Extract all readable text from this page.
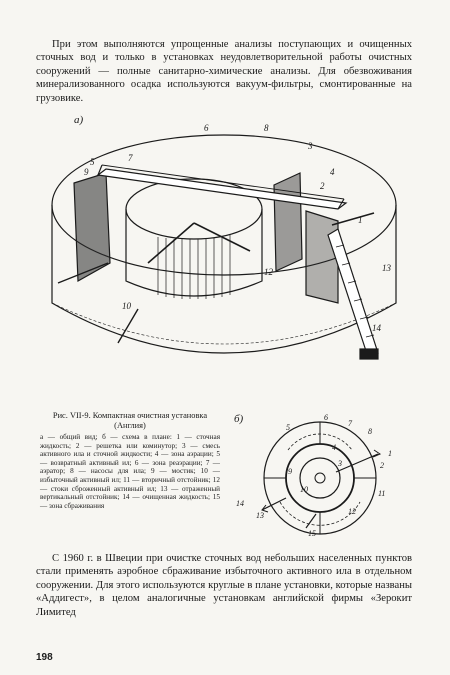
При этом выполняются упрощенные анализы поступающих и очищенных сточных вод и только в установках неудовлетворительной работы очистных сооружений — полные санитарно-химические анализы. Для обезвоживания минерализованного осадка используются вакуум-фильтры, смонтированные на грузовике.

а)
5
6
7
8
9
10
1
2
3
4
12	13
14

Рис. VII-9. Компактная очистная установка (Англия)

а — общий вид; б — схема в плане: 1 — сточная жидкость; 2 — решетка или коминутор; 3 — смесь активного ила и сточной жидкости; 4 — зона аэрации; 5 — возвратный активный ил; 6 — зона реаэрации; 7 — аэратор; 8 — насосы для ила; 9 — мостик; 10 — избыточный активный ил; 11 — вторичный отстойник; 12 — стоки сброженный активный ил; 13 — отраженный вертикальный отстойник; 14 — очищенная жидкость; 15 — зона сбраживания

б)
1
2
3
4
5
6
7
8
9
10	11
12
13
14
15

С 1960 г. в Швеции при очистке сточных вод небольших населенных пунктов стали применять аэробное сбраживание избыточного активного ила в отдельном сооружении. Для этого используются круглые в плане установки, которые названы «Аддигест», в целом аналогичные установкам английской фирмы «Зерокит Лимитед

198
